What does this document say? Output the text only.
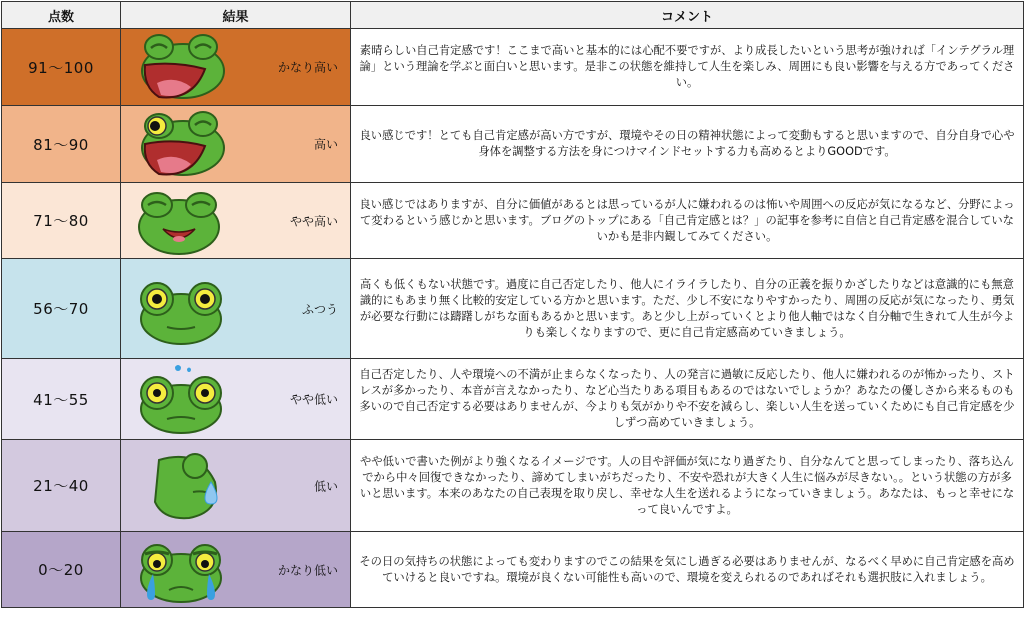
点数	結果	コメント
91～100	かなり高い	素晴らしい自己肯定感です！ここまで高いと基本的には心配不要ですが、より成長したいという思考が強ければ「インテグラル理論」という理論を学ぶと面白いと思います。是非この状態を維持して人生を楽しみ、周囲にも良い影響を与える方であってください。
81～90	高い	良い感じです！とても自己肯定感が高い方ですが、環境やその日の精神状態によって変動もすると思いますので、自分自身で心や身体を調整する方法を身につけマインドセットする力も高めるとよりGOODです。
71～80	やや高い	良い感じではありますが、自分に価値があるとは思っているが人に嫌われるのは怖いや周囲への反応が気になるなど、分野によって変わるという感じかと思います。ブログのトップにある「自己肯定感とは？」の記事を参考に自信と自己肯定感を混合していないかも是非内観してみてください。
56～70	ふつう	高くも低くもない状態です。過度に自己否定したり、他人にイライラしたり、自分の正義を振りかざしたりなどは意識的にも無意識的にもあまり無く比較的安定している方かと思います。ただ、少し不安になりやすかったり、周囲の反応が気になったり、勇気が必要な行動には躊躇しがちな面もあるかと思います。あと少し上がっていくとより他人軸ではなく自分軸で生きれて人生が今よりも楽しくなりますので、更に自己肯定感高めていきましょう。
41～55	やや低い	自己否定したり、人や環境への不満が止まらなくなったり、人の発言に過敏に反応したり、他人に嫌われるのが怖かったり、ストレスが多かったり、本音が言えなかったり、など心当たりある項目もあるのではないでしょうか？あなたの優しさから来るものも多いので自己否定する必要はありませんが、今よりも気がかりや不安を減らし、楽しい人生を送っていくためにも自己肯定感を少しずつ高めていきましょう。
21～40	低い	やや低いで書いた例がより強くなるイメージです。人の目や評価が気になり過ぎたり、自分なんてと思ってしまったり、落ち込んでから中々回復できなかったり、諦めてしまいがちだったり、不安や恐れが大きく人生に悩みが尽きない。。という状態の方が多いと思います。本来のあなたの自己表現を取り戻し、幸せな人生を送れるようになっていきましょう。あなたは、もっと幸せになって良いんですよ。
0～20	かなり低い	その日の気持ちの状態によっても変わりますのでこの結果を気にし過ぎる必要はありませんが、なるべく早めに自己肯定感を高めていけると良いですね。環境が良くない可能性も高いので、環境を変えられるのであればそれも選択肢に入れましょう。
